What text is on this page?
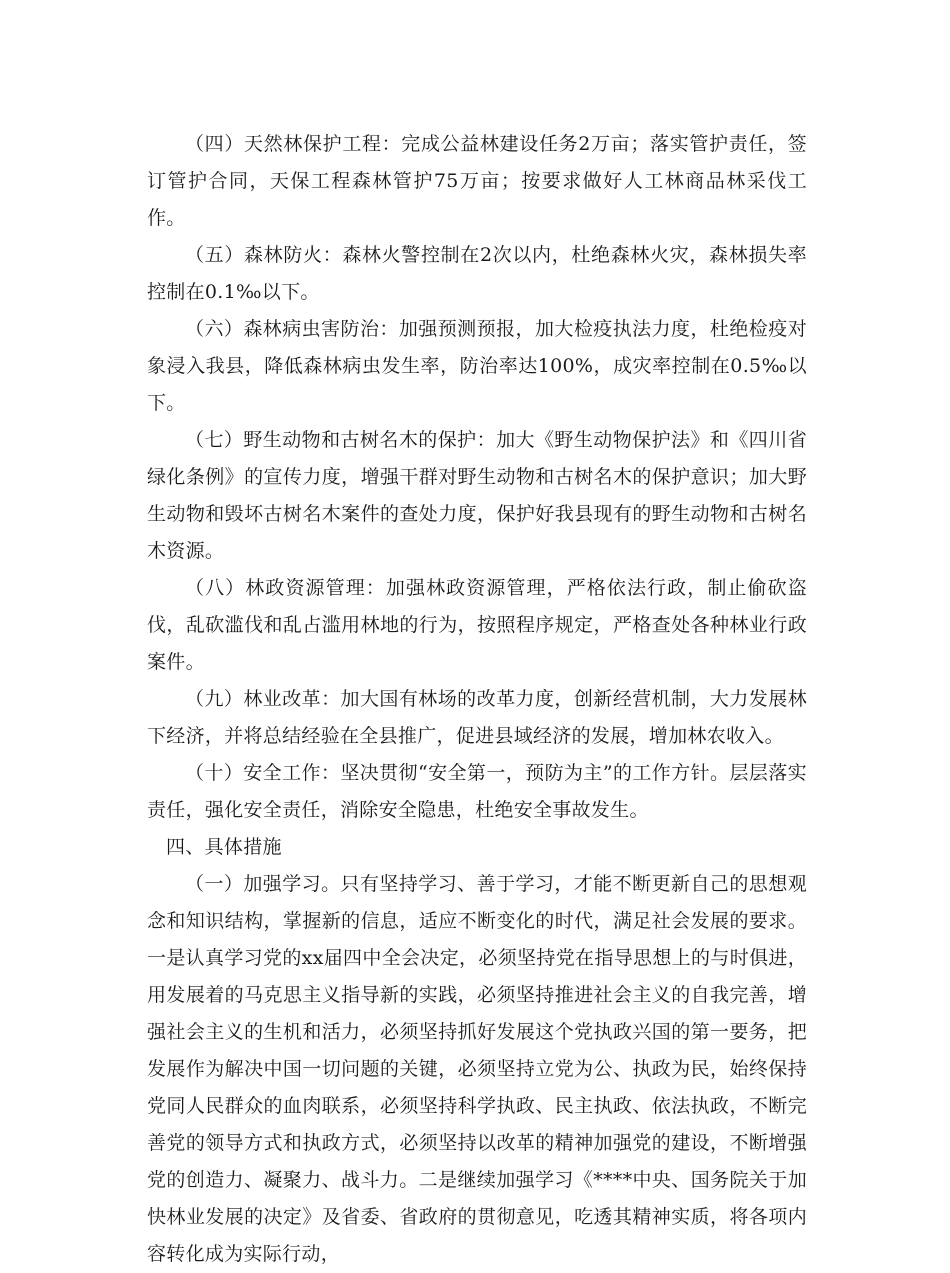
（四）天然林保护工程：完成公益林建设任务2万亩；落实管护责任，签订管护合同，天保工程森林管护75万亩；按要求做好人工林商品林采伐工作。

（五）森林防火：森林火警控制在2次以内，杜绝森林火灾，森林损失率控制在0.1‰以下。

（六）森林病虫害防治：加强预测预报，加大检疫执法力度，杜绝检疫对象浸入我县，降低森林病虫发生率，防治率达100%，成灾率控制在0.5‰以下。

（七）野生动物和古树名木的保护：加大《野生动物保护法》和《四川省绿化条例》的宣传力度，增强干群对野生动物和古树名木的保护意识；加大野生动物和毁坏古树名木案件的查处力度，保护好我县现有的野生动物和古树名木资源。

（八）林政资源管理：加强林政资源管理，严格依法行政，制止偷砍盗伐，乱砍滥伐和乱占滥用林地的行为，按照程序规定，严格查处各种林业行政案件。

（九）林业改革：加大国有林场的改革力度，创新经营机制，大力发展林下经济，并将总结经验在全县推广，促进县域经济的发展，增加林农收入。

（十）安全工作：坚决贯彻“安全第一，预防为主”的工作方针。层层落实责任，强化安全责任，消除安全隐患，杜绝安全事故发生。

四、具体措施

（一）加强学习。只有坚持学习、善于学习，才能不断更新自己的思想观念和知识结构，掌握新的信息，适应不断变化的时代，满足社会发展的要求。一是认真学习党的xx届四中全会决定，必须坚持党在指导思想上的与时俱进，用发展着的马克思主义指导新的实践，必须坚持推进社会主义的自我完善，增强社会主义的生机和活力，必须坚持抓好发展这个党执政兴国的第一要务，把发展作为解决中国一切问题的关键，必须坚持立党为公、执政为民，始终保持党同人民群众的血肉联系，必须坚持科学执政、民主执政、依法执政，不断完善党的领导方式和执政方式，必须坚持以改革的精神加强党的建设，不断增强党的创造力、凝聚力、战斗力。二是继续加强学习《****中央、国务院关于加快林业发展的决定》及省委、省政府的贯彻意见，吃透其精神实质，将各项内容转化成为实际行动，
